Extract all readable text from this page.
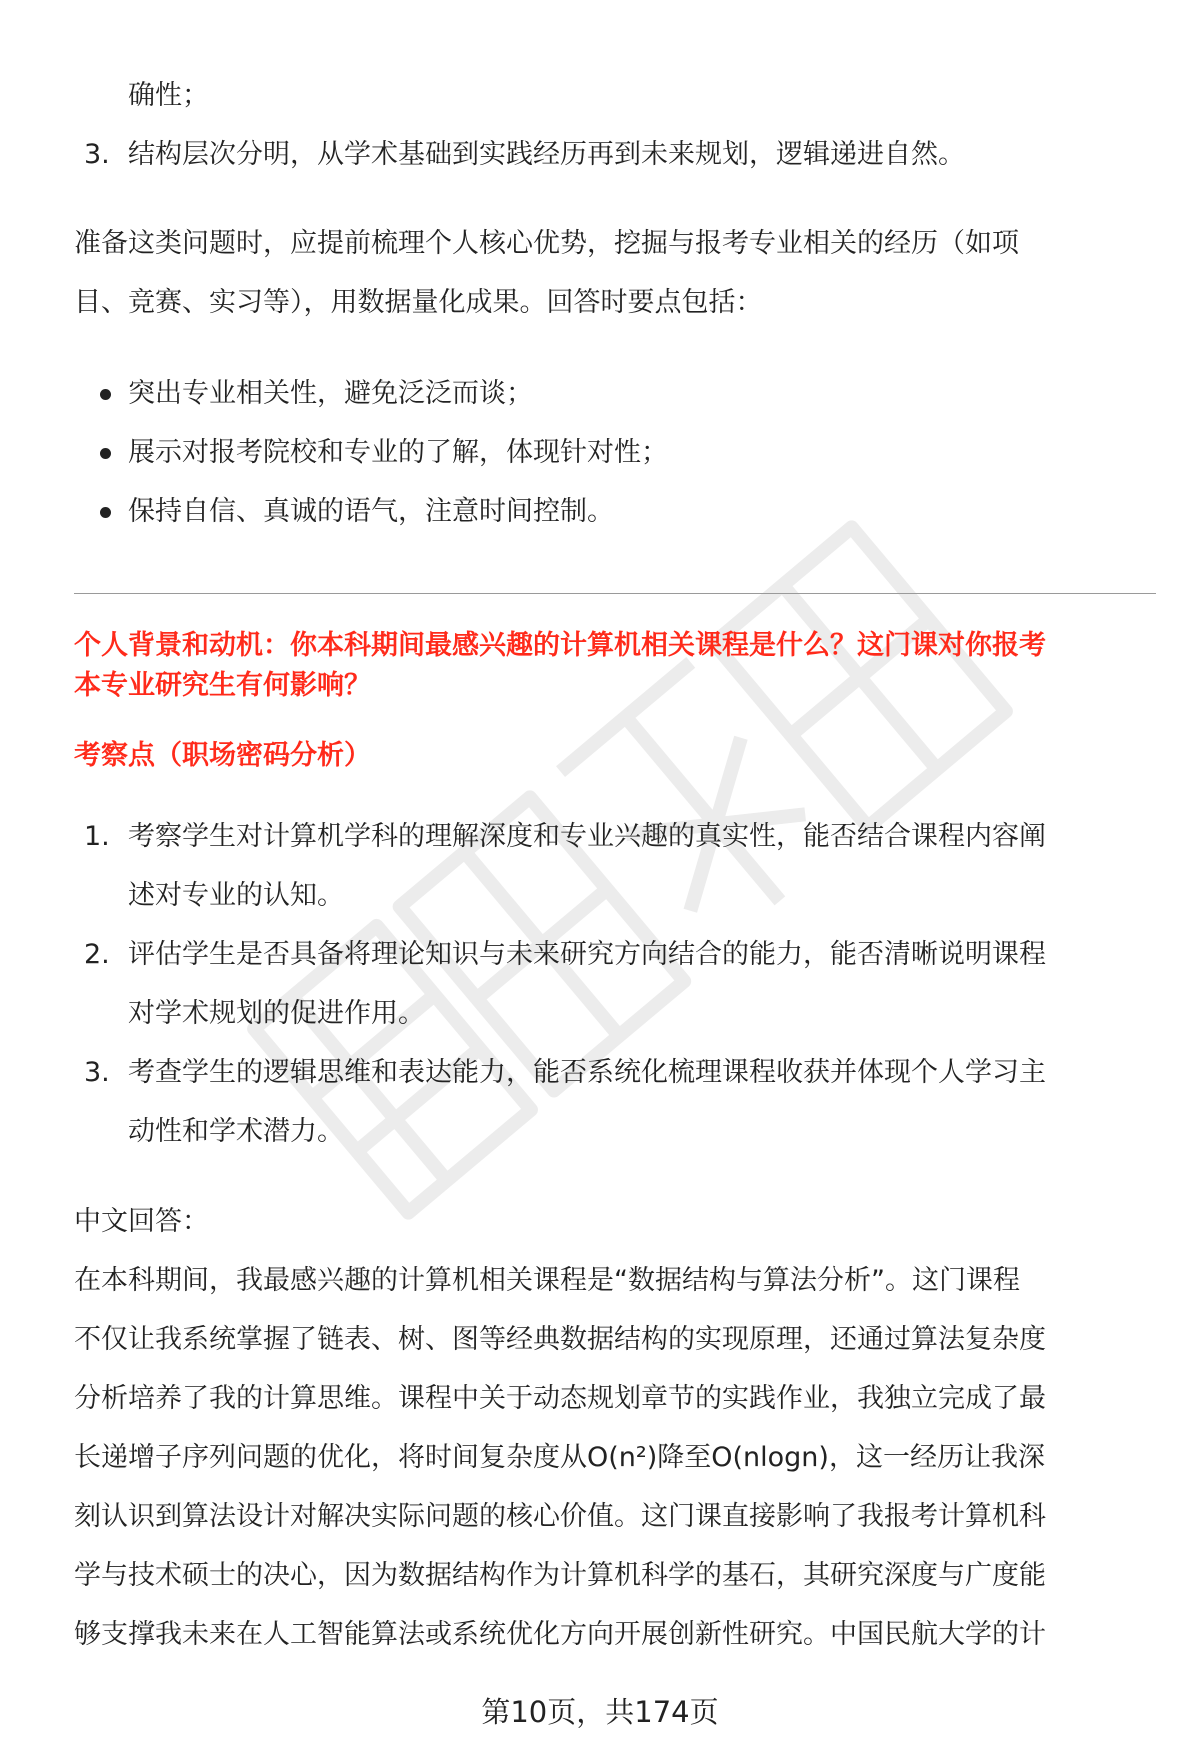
确性；
3. 结构层次分明，从学术基础到实践经历再到未来规划，逻辑递进自然。
准备这类问题时，应提前梳理个人核心优势，挖掘与报考专业相关的经历（如项
目、竞赛、实习等），用数据量化成果。回答时要点包括：
突出专业相关性，避免泛泛而谈；
展示对报考院校和专业的了解，体现针对性；
保持自信、真诚的语气，注意时间控制。
个人背景和动机：你本科期间最感兴趣的计算机相关课程是什么？这门课对你报考
本专业研究生有何影响？
考察点（职场密码分析）
1. 考察学生对计算机学科的理解深度和专业兴趣的真实性，能否结合课程内容阐
述对专业的认知。
2. 评估学生是否具备将理论知识与未来研究方向结合的能力，能否清晰说明课程
对学术规划的促进作用。
3. 考查学生的逻辑思维和表达能力，能否系统化梳理课程收获并体现个人学习主
动性和学术潜力。
中文回答：
在本科期间，我最感兴趣的计算机相关课程是“数据结构与算法分析”。这门课程
不仅让我系统掌握了链表、树、图等经典数据结构的实现原理，还通过算法复杂度
分析培养了我的计算思维。课程中关于动态规划章节的实践作业，我独立完成了最
长递增子序列问题的优化，将时间复杂度从O(n²)降至O(nlogn)，这一经历让我深
刻认识到算法设计对解决实际问题的核心价值。这门课直接影响了我报考计算机科
学与技术硕士的决心，因为数据结构作为计算机科学的基石，其研究深度与广度能
够支撑我未来在人工智能算法或系统优化方向开展创新性研究。中国民航大学的计
第10页，共174页
